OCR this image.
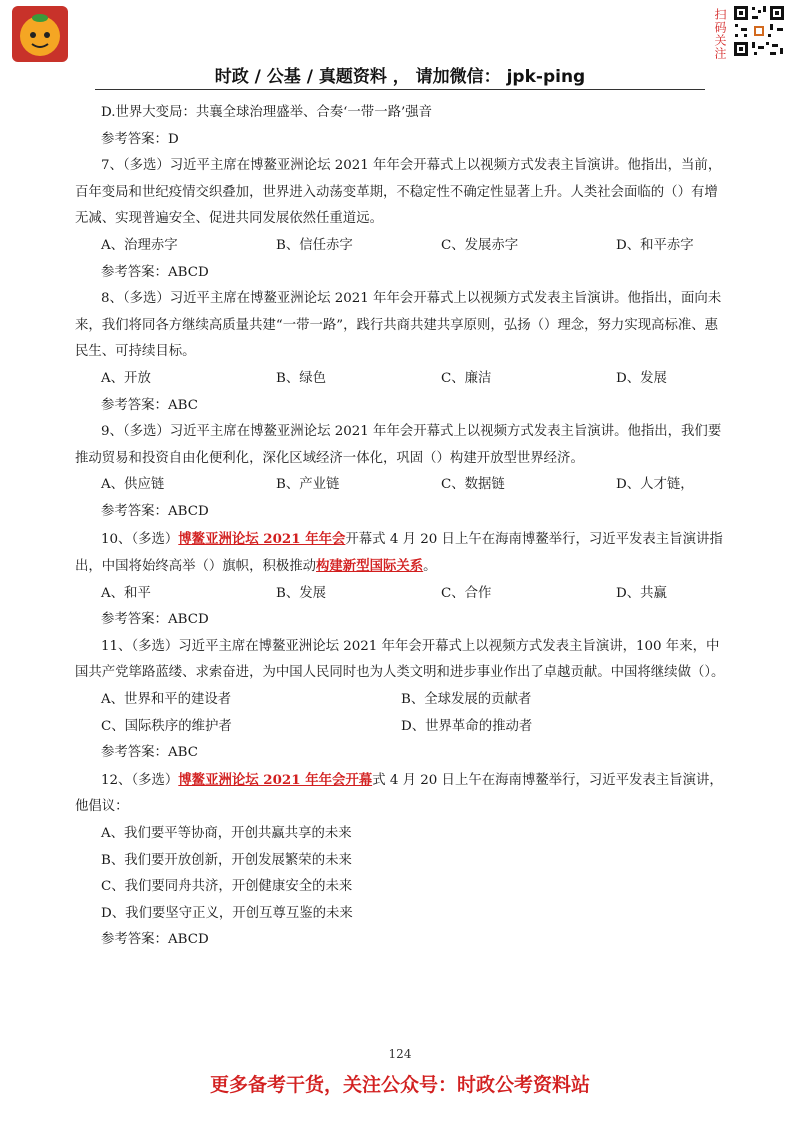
扫码关注
时政 / 公基 / 真题资料 ， 请加微信： jpk-ping
D.世界大变局：共襄全球治理盛举、合奏‘一带一路’强音
参考答案：D
7、（多选）习近平主席在博鳌亚洲论坛 2021 年年会开幕式上以视频方式发表主旨演讲。他指出，当前，百年变局和世纪疫情交织叠加，世界进入动荡变革期，不稳定性不确定性显著上升。人类社会面临的（）有增无减、实现普遍安全、促进共同发展依然任重道远。
A、治理赤字	B、信任赤字	C、发展赤字	D、和平赤字
参考答案：ABCD
8、（多选）习近平主席在博鳌亚洲论坛 2021 年年会开幕式上以视频方式发表主旨演讲。他指出，面向未来，我们将同各方继续高质量共建“一带一路”，践行共商共建共享原则，弘扬（）理念，努力实现高标准、惠民生、可持续目标。
A、开放	B、绿色	C、廉洁	D、发展
参考答案：ABC
9、（多选）习近平主席在博鳌亚洲论坛 2021 年年会开幕式上以视频方式发表主旨演讲。他指出，我们要推动贸易和投资自由化便利化，深化区域经济一体化，巩固（）构建开放型世界经济。
A、供应链	B、产业链	C、数据链	D、人才链，
参考答案：ABCD
10、（多选）博鳌亚洲论坛 2021 年年会开幕式 4 月 20 日上午在海南博鳌举行，习近平发表主旨演讲指出，中国将始终高举（）旗帜，积极推动构建新型国际关系。
A、和平	B、发展	C、合作	D、共赢
参考答案：ABCD
11、（多选）习近平主席在博鳌亚洲论坛 2021 年年会开幕式上以视频方式发表主旨演讲，100 年来，中国共产党筚路蓝缕、求索奋进，为中国人民同时也为人类文明和进步事业作出了卓越贡献。中国将继续做（）。
A、世界和平的建设者	B、全球发展的贡献者
C、国际秩序的维护者	D、世界革命的推动者
参考答案：ABC
12、（多选）博鳌亚洲论坛 2021 年年会开幕式 4 月 20 日上午在海南博鳌举行，习近平发表主旨演讲，他倡议：
A、我们要平等协商，开创共赢共享的未来
B、我们要开放创新，开创发展繁荣的未来
C、我们要同舟共济，开创健康安全的未来
D、我们要坚守正义，开创互尊互鉴的未来
参考答案：ABCD
124
更多备考干货，关注公众号：时政公考资料站
